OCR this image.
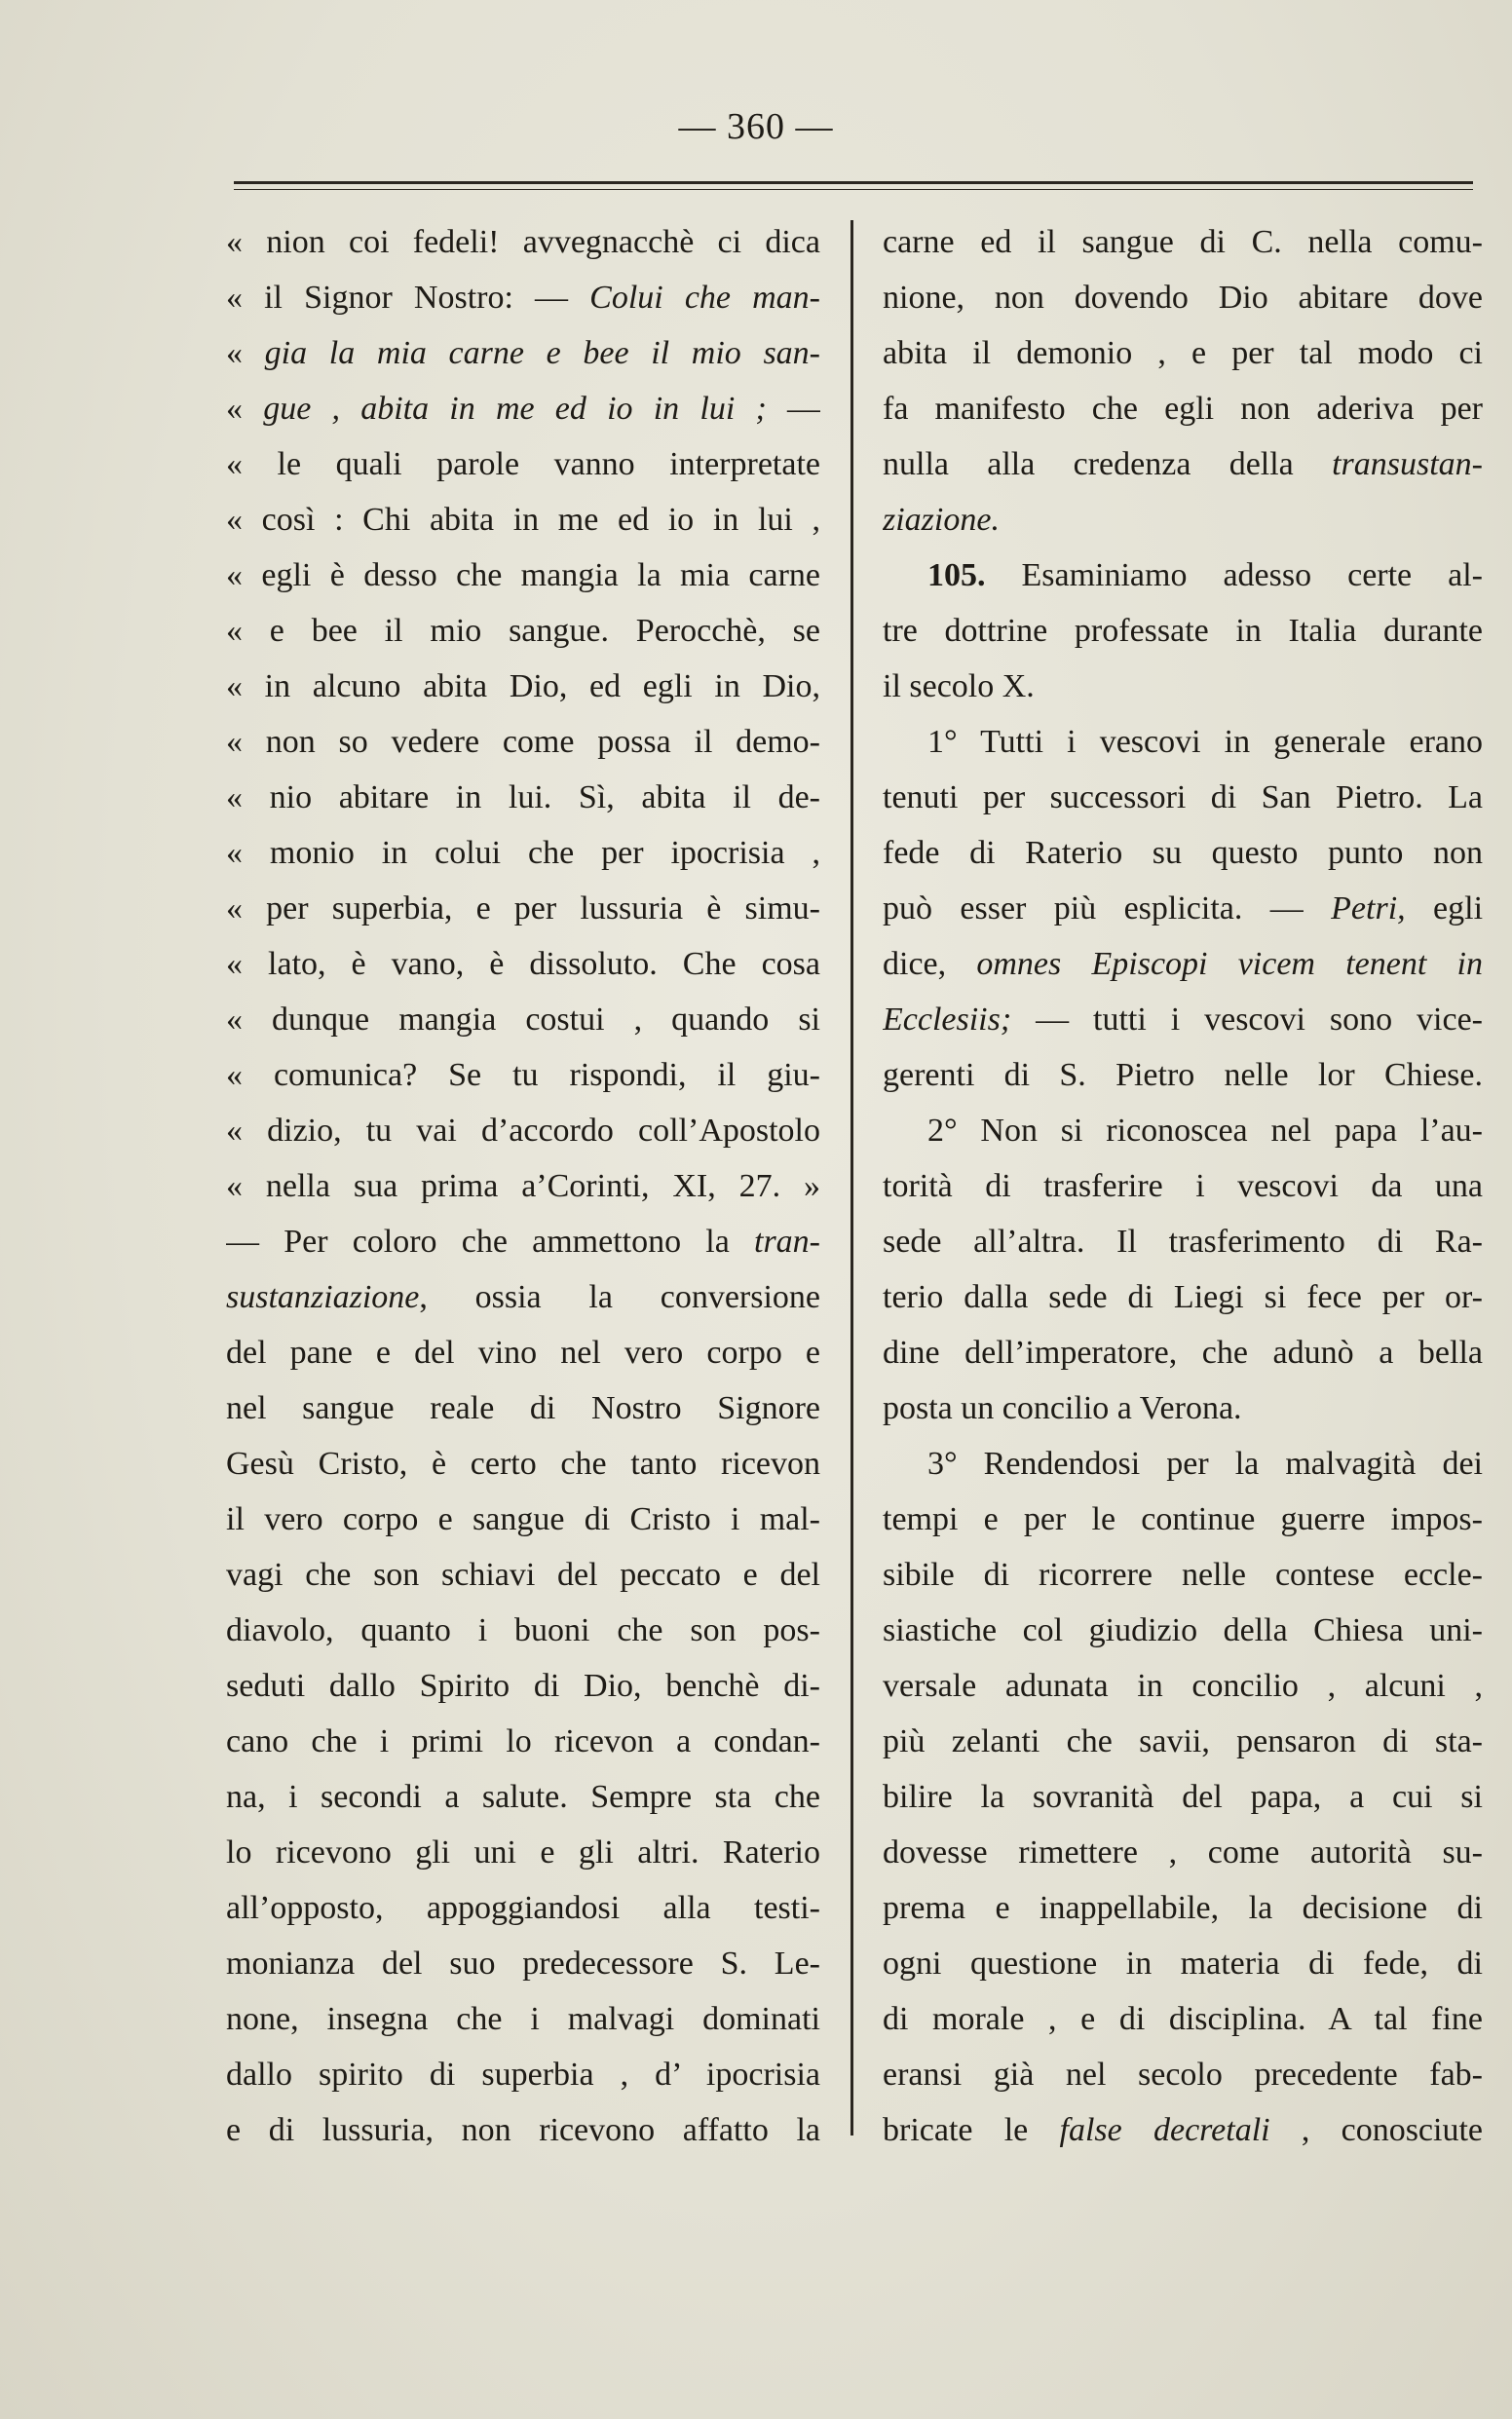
— 360 —
« nion coi fedeli! avvegnacchè ci dica
« il Signor Nostro: — Colui che man-
« gia la mia carne e bee il mio san-
« gue , abita in me ed io in lui ; —
« le quali parole vanno interpretate
« così : Chi abita in me ed io in lui ,
« egli è desso che mangia la mia carne
« e bee il mio sangue. Perocchè, se
« in alcuno abita Dio, ed egli in Dio,
« non so vedere come possa il demo-
« nio abitare in lui. Sì, abita il de-
« monio in colui che per ipocrisia ,
« per superbia, e per lussuria è simu-
« lato, è vano, è dissoluto. Che cosa
« dunque mangia costui , quando si
« comunica? Se tu rispondi, il giu-
« dizio, tu vai d’accordo coll’Apostolo
« nella sua prima a’Corinti, XI, 27. »
— Per coloro che ammettono la tran-
sustanziazione, ossia la conversione
del pane e del vino nel vero corpo e
nel sangue reale di Nostro Signore
Gesù Cristo, è certo che tanto ricevon
il vero corpo e sangue di Cristo i mal-
vagi che son schiavi del peccato e del
diavolo, quanto i buoni che son pos-
seduti dallo Spirito di Dio, benchè di-
cano che i primi lo ricevon a condan-
na, i secondi a salute. Sempre sta che
lo ricevono gli uni e gli altri. Raterio
all’opposto, appoggiandosi alla testi-
monianza del suo predecessore S. Le-
none, insegna che i malvagi dominati
dallo spirito di superbia , d’ ipocrisia
e di lussuria, non ricevono affatto la
carne ed il sangue di C. nella comu-
nione, non dovendo Dio abitare dove
abita il demonio , e per tal modo ci
fa manifesto che egli non aderiva per
nulla alla credenza della transustan-
ziazione.
105. Esaminiamo adesso certe al-
tre dottrine professate in Italia durante
il secolo X.
1° Tutti i vescovi in generale erano
tenuti per successori di San Pietro. La
fede di Raterio su questo punto non
può esser più esplicita. — Petri, egli
dice, omnes Episcopi vicem tenent in
Ecclesiis; — tutti i vescovi sono vice-
gerenti di S. Pietro nelle lor Chiese.
2° Non si riconoscea nel papa l’au-
torità di trasferire i vescovi da una
sede all’altra. Il trasferimento di Ra-
terio dalla sede di Liegi si fece per or-
dine dell’imperatore, che adunò a bella
posta un concilio a Verona.
3° Rendendosi per la malvagità dei
tempi e per le continue guerre impos-
sibile di ricorrere nelle contese eccle-
siastiche col giudizio della Chiesa uni-
versale adunata in concilio , alcuni ,
più zelanti che savii, pensaron di sta-
bilire la sovranità del papa, a cui si
dovesse rimettere , come autorità su-
prema e inappellabile, la decisione di
ogni questione in materia di fede, di
di morale , e di disciplina. A tal fine
eransi già nel secolo precedente fab-
bricate le false decretali , conosciute
